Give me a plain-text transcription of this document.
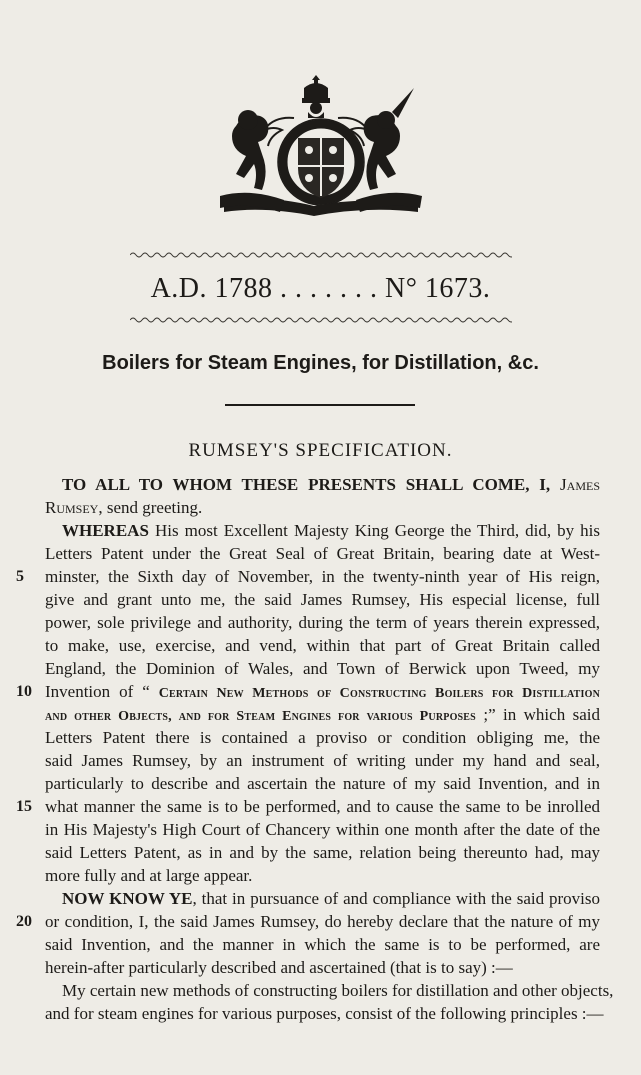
A.D. 1788 . . . . . . . N° 1673.
Boilers for Steam Engines, for Distillation, &c.
RUMSEY'S SPECIFICATION.
TO ALL TO WHOM THESE PRESENTS SHALL COME, I, James
Rumsey, send greeting.
WHEREAS His most Excellent Majesty King George the Third, did, by his
Letters Patent under the Great Seal of Great Britain, bearing date at West-
5	minster, the Sixth day of November, in the twenty-ninth year of His reign,
give and grant unto me, the said James Rumsey, His especial license, full
power, sole privilege and authority, during the term of years therein expressed,
to make, use, exercise, and vend, within that part of Great Britain called
England, the Dominion of Wales, and Town of Berwick upon Tweed, my
10 Invention of “ Certain New Methods of Constructing Boilers for Distillation
and other Objects, and for Steam Engines for various Purposes ;” in which said
Letters Patent there is contained a proviso or condition obliging me, the
said James Rumsey, by an instrument of writing under my hand and seal,
particularly to describe and ascertain the nature of my said Invention, and in
15 what manner the same is to be performed, and to cause the same to be inrolled
in His Majesty's High Court of Chancery within one month after the date of the
said Letters Patent, as in and by the same, relation being thereunto had, may
more fully and at large appear.
NOW KNOW YE, that in pursuance of and compliance with the said proviso
20 or condition, I, the said James Rumsey, do hereby declare that the nature of my
said Invention, and the manner in which the same is to be performed, are
herein-after particularly described and ascertained (that is to say) :—
My certain new methods of constructing boilers for distillation and other objects,
and for steam engines for various purposes, consist of the following principles :—
